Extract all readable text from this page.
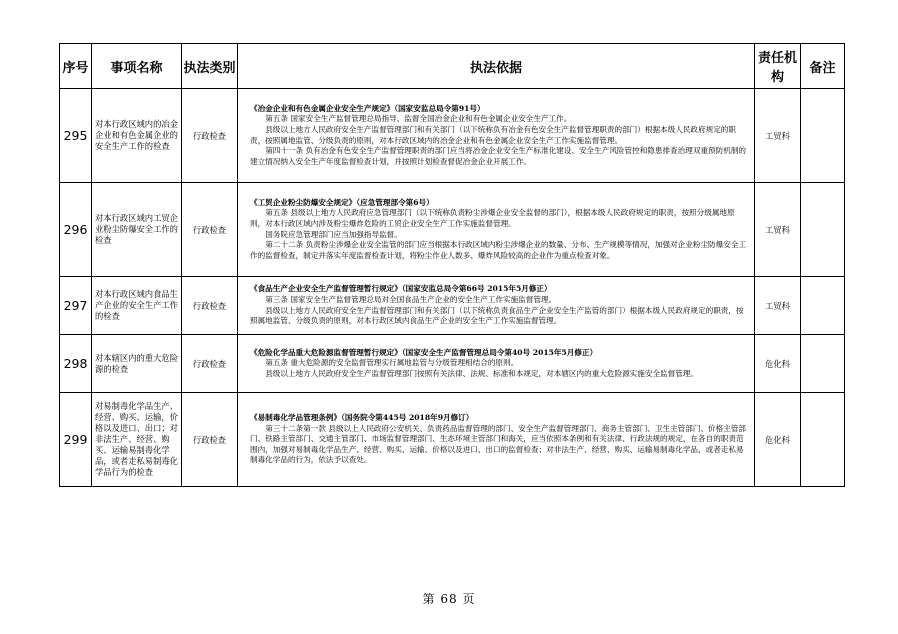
序号	事项名称	执法类别	执法依据	责任机构	备注
295	对本行政区域内的冶金企业和有色金属企业的安全生产工作的检查	行政检查	《冶金企业和有色金属企业安全生产规定》（国家安监总局令第91号）
第五条 国家安全生产监督管理总局指导、监督全国冶金企业和有色金属企业安全生产工作。
县级以上地方人民政府安全生产监督管理部门和有关部门（以下统称负有冶金有色安全生产监督管理职责的部门）根据本级人民政府规定的职责，按照属地监管、分级负责的原则，对本行政区域内的冶金企业和有色金属企业安全生产工作实施监督管理。
第四十一条 负有冶金有色安全生产监督管理职责的部门应当将冶金企业安全生产标准化建设、安全生产风险管控和隐患排查治理双重预防机制的建立情况纳入安全生产年度监督检查计划，并按照计划检查督促冶金企业开展工作。	工贸科	
296	对本行政区域内工贸企业粉尘防爆安全工作的检查	行政检查	《工贸企业粉尘防爆安全规定》（应急管理部令第6号）
第五条 县级以上地方人民政府应急管理部门（以下统称负责粉尘涉爆企业安全监督的部门），根据本级人民政府规定的职责，按照分级属地原则，对本行政区域内涉及粉尘爆炸危险的工贸企业安全生产工作实施监督管理。
国务院应急管理部门应当加强指导监督。
第二十二条 负责粉尘涉爆企业安全监管的部门应当根据本行政区域内粉尘涉爆企业的数量、分布、生产规模等情况，加强对企业粉尘防爆安全工作的监督检查，制定并落实年度监督检查计划，将粉尘作业人数多、爆炸风险较高的企业作为重点检查对象。	工贸科	
297	对本行政区域内食品生产企业的安全生产工作的检查	行政检查	《食品生产企业安全生产监督管理暂行规定》（国家安监总局令第66号 2015年5月修正）
第三条 国家安全生产监督管理总局对全国食品生产企业的安全生产工作实施监督管理。
县级以上地方人民政府安全生产监督管理部门和有关部门（以下统称负责食品生产企业安全生产监管的部门）根据本级人民政府规定的职责，按照属地监管、分级负责的原则，对本行政区域内食品生产企业的安全生产工作实施监督管理。	工贸科	
298	对本辖区内的重大危险源的检查	行政检查	《危险化学品重大危险源监督管理暂行规定》（国家安全生产监督管理总局令第40号 2015年5月修正）
第五条 重大危险源的安全监督管理实行属地监管与分级管理相结合的原则。
县级以上地方人民政府安全生产监督管理部门按照有关法律、法规、标准和本规定，对本辖区内的重大危险源实施安全监督管理。	危化科	
299	对易制毒化学品生产、经营、购买、运输，价格以及进口、出口；对非法生产、经营、购买、运输易制毒化学品，或者走私易制毒化学品行为的检查	行政检查	《易制毒化学品管理条例》（国务院令第445号 2018年9月修订）
第三十二条第一款 县级以上人民政府公安机关、负责药品监督管理的部门、安全生产监督管理部门、商务主管部门、卫生主管部门、价格主管部门、铁路主管部门、交通主管部门、市场监督管理部门、生态环境主管部门和海关，应当依照本条例和有关法律、行政法规的规定，在各自的职责范围内，加强对易制毒化学品生产、经营、购买、运输、价格以及进口、出口的监督检查；对非法生产、经营、购买、运输易制毒化学品，或者走私易制毒化学品的行为，依法予以查处。	危化科	
第 68 页
